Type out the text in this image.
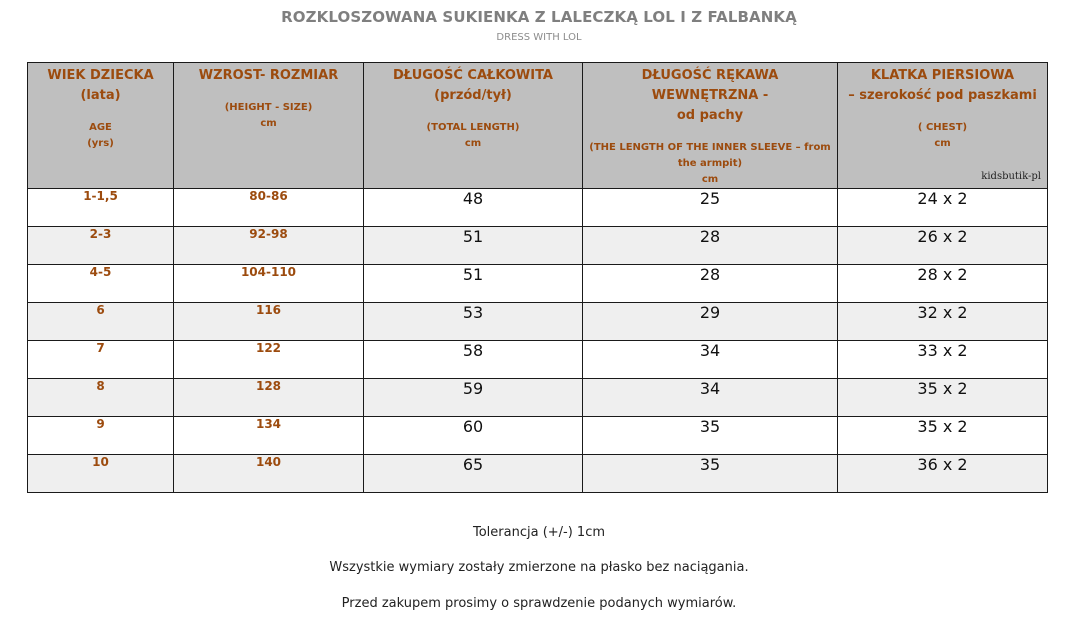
ROZKLOSZOWANA SUKIENKA Z LALECZKĄ LOL I Z FALBANKĄ
DRESS WITH LOL
WIEK DZIECKA
(lata)
AGE
(yrs)	WZROST- ROZMIAR
(HEIGHT - SIZE)
cm	DŁUGOŚĆ CAŁKOWITA
(przód/tył)
(TOTAL LENGTH)
cm	DŁUGOŚĆ RĘKAWA WEWNĘTRZNA -
od pachy
(THE LENGTH OF THE INNER SLEEVE – from
the armpit)
cm	KLATKA PIERSIOWA
– szerokość pod paszkami
( CHEST)
cm
kidsbutik-pl

1-1,5	80-86	48	25	24 x 2
2-3	92-98	51	28	26 x 2
4-5	104-110	51	28	28 x 2
6	116	53	29	32 x 2
7	122	58	34	33 x 2
8	128	59	34	35 x 2
9	134	60	35	35 x 2
10	140	65	35	36 x 2
Tolerancja (+/-) 1cm
Wszystkie wymiary zostały zmierzone na płasko bez naciągania.
Przed zakupem prosimy o sprawdzenie podanych wymiarów.
